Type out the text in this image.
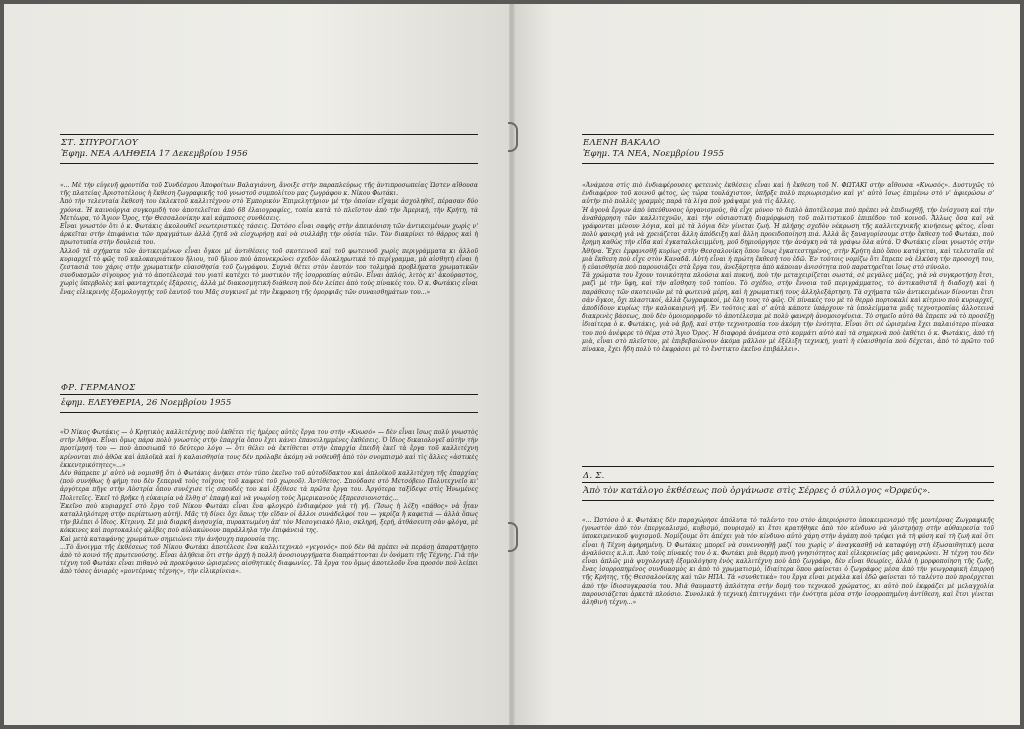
ΣΤ. ΣΠΥΡΟΓΛΟΥ
Ἐφημ. ΝΕΑ ΑΛΗΘΕΙΑ 17 Δεκεμβρίου 1956

«... Μὲ τὴν εὐγενῆ φροντίδα τοῦ Συνδέσμου Ἀποφοίτων Βαλαγιάννη, ἄνοιξε στὴν παραπλεύρως τῆς ἀντιπροσωπείας Ὡστεν αἴθουσα τῆς πλατείας Ἀριστοτέλους ἡ ἔκθεση ζωγραφικῆς τοῦ γνωστοῦ συμπολίτου μας ζωγράφου κ. Νίκου Φωτάκι.

Ἀπὸ τὴν τελευταία ἔκθεσή του ἐκλεκτοῦ καλλιτέχνου στὸ Ἐμπορικὸν Ἐπιμελητήριον μὲ τὴν ὁποίαν εἴχαμε ἀσχοληθεῖ, πέρασαν δύο χρόνια. Ἡ καινούργια συγκομιδὴ τον ἀποτελεῖται ἀπὸ 68 ἐλαιογραφίες, τοπία κατὰ τὸ πλεῖστον ἀπὸ τὴν Ἀμερική, τὴν Κρήτη, τὰ Μετέωρα, τὸ Ἅγιον Ὄρος, τὴν Θεσσαλονίκην καὶ κάμποσες συνθέσεις.

Εἶναι γνωστὸν ὅτι ὁ κ. Φωτάκις ἀκολουθεῖ νεωτεριστικὲς τάσεις. Ὡστόσο εἶναι σαφὴς στὴν ἀπεικόνιση τῶν ἀντικειμένων χωρὶς ν' ἀρκεῖται στὴν ἐπιφάνεια τῶν πραγμάτων ἀλλὰ ζητᾶ νὰ εἰσχωρήσῃ καὶ νὰ συλλάβῃ τὴν οὐσία τῶν. Τὸν διακρίνει τὸ θάρρος καὶ ἡ πρωτοτυπία στὴν δουλειά του.

Ἀλλοῦ τὰ σχήματα τῶν ἀντικειμένων εἶναι ὄγκοι μὲ ἀντιθέσεις τοῦ σκοτεινοῦ καὶ τοῦ φωτεινοῦ χωρὶς περιγράμματα κι ἀλλοῦ κυριαρχεῖ τὸ φῶς τοῦ καλοκαιριάτικου ἥλιου, τοῦ ἥλιου ποὺ ἀπονεκρώνει σχεδὸν ὁλοκληρωτικά τὸ περίγραμμα, μὰ αἰσθητὴ εἶναι ἡ ζεστασιὰ του χάρις στὴν χρωματικὴν εὐαισθησία τοῦ ζωγράφου. Συχνὰ θέτει στὸν ἑαυτόν του τολμηρὰ προβλήματα χρωματικῶν συνδυασμῶν σίγουρος γιὰ τὸ ἀποτέλεσμά του γιατὶ κατέχει τὸ μυστικὸν τῆς ἰσορροπίας αὐτῶν. Εἶναι ἁπλός, λιτὸς κι' ἀκούραστος, χωρὶς ὑπερβολὲς καὶ φανταχτερὲς ἐξάρσεις, ἀλλὰ μὲ διακοσμητικὴ διάθεση ποὺ δὲν λείπει ἀπὸ τοὺς πίνακές του. Ὁ κ. Φωτάκις εἶναι ἕνας εἰλικρινὴς ἐξομολογητὴς τοῦ ἑαυτοῦ του Μᾶς συγκινεῖ μὲ τὴν ἔκφραση τῆς ὁμορφιᾶς τῶν συναισθημάτων του...»

ΦΡ. ΓΕΡΜΑΝΟΣ
ἐφημ. ΕΛΕΥΘΕΡΙΑ, 26 Νοεμβρίου 1955

«Ὁ Νίκος Φωτάκις — ὁ Κρητικὸς καλλιτέχνης ποὺ ἐκθέτει τὶς ἡμέρες αὐτὲς ἔργα του στὴν «Κνωσό» — δὲν εἶναι ἴσως πολὺ γνωστὸς στὴν Ἀθήνα. Εἶναι ὅμως πάρα πολὺ γνωστὸς στὴν ἐπαρχία ὅπου ἔχει κάνει ἐπανειλημμένες ἐκθέσεις. Ὁ ἴδιος δικαιολογεῖ αὐτὴν τὴν προτίμησή του — ποὺ ἀποσιωπᾶ τὸ δεύτερο λόγο — ὅτι θέλει νὰ ἐκτίθεται στὴν ἐπαρχία ἐπειδὴ ἐκεῖ τὰ ἔργα τοῦ καλλιτέχνη κρίνονται πιὸ ἀθῶα καὶ ἁπλοϊκὰ καὶ ἡ καλαισθησία τους δὲν πρόλαβε ἀκόμη νὰ νοθευθῇ ἀπὸ τὸν σνομπισμὸ καὶ τὶς ἄλλες «ἀστικὲς ἐκκεντρικότητες»...»

Δὲν θάπρεπε μ' αὐτὸ νὰ νομισθῇ ὅτι ὁ Φωτάκις ἀνήκει στὸν τύπο ἐκεῖνο τοῦ αὐτοδίδακτου καὶ ἁπλοϊκοῦ καλλιτέχνη τῆς ἐπαρχίας (ποὺ συνήθως ἡ φήμη του δὲν ξεπερνᾶ τοὺς τοίχους τοῦ καφενὲ τοῦ χωριοῦ). Ἀντίθετος. Σπούδασε στὸ Μετσόβειο Πολυτεχνεῖο κι' ἀργότερα πῆγε στὴν Αὐστρία ὅπου συνέχισε τὶς σπουδές του καὶ ἐξέθεσε τὰ πρῶτα ἔργα του. Ἀργότερα ταξίδεψε στὶς Ἡνωμένες Πολιτεῖες. Ἐκεῖ τὸ βρῆκε ἡ εὐκαιρία νὰ ἔλθῃ σ' ἐπαφὴ καὶ νὰ γνωρίσῃ τοὺς Ἀμερικανοὺς ἐξπρεσσιονιστάς...

Ἐκεῖνο ποὺ κυριαρχεῖ στὸ ἔργο τοῦ Νίκου Φωτάκι εἶναι ἕνα φλογερὸ ἐνδιαφέρον γιὰ τὴ γῆ. (Ἴσως ἡ λέξη «πάθος» νὰ ἦταν καταλληλότερη στὴν περίπτωση αὐτή). Μᾶς τὴ δίνει ὄχι ὅπως τὴν εἴδαν οἱ ἄλλοι συνάδελφοί του — γκρίζα ἢ καφετιά — ἀλλὰ ὅπως τὴν βλέπει ὁ ἴδιος. Κίτρινη. Σὲ μιὰ διαρκῆ ἀνησυχία, πυρακτωμένη ἀπ' τὸν Μεσογειακὸ ἥλιο, σκληρή, ξερή, ἀτθάσευτη σὰν φλόγα, μὲ κόκκινες καὶ πορτοκαλιὲς φλέβες ποὺ αὐλακώνουν παράλληλα τὴν ἐπιφάνειά της.

Καὶ μετὰ καταφάνης χρωμάτων σημειώνει τὴν ἀνήσυχη παρουσία της.

...Τὸ ἄνοιγμα τῆς ἐκθέσεως τοῦ Νίκου Φωτάκι ἀποτέλεσε ἕνα καλλιτεχνικὸ «γεγονὸς» ποὺ δὲν θὰ πρέπει νὰ περάσῃ ἀπαρατήρητο ἀπὸ τὸ κοινό τῆς πρωτευούσης. Εἶναι ἀλήθεια ὅτι στὴν ἀρχὴ ἡ πολλὴ ἀνοσιουργήματα διαπράττονται ἐν ὀνόματι τῆς Τέχνης. Γιὰ τὴν τέχνη τοῦ Φωτάκι εἶναι πιθανὸ νὰ προκύψουν ὡρισμένες αἰσθητικὲς διαφωνίες. Τὰ ἔργα του ὅμως ἀποτελοῦν ἕνα προσὸν ποὺ λείπει ἀπὸ τόσες ἀνιαρὲς «μοντέρνας τέχνης», τὴν εἰλικρίνεια».

ΕΛΕΝΗ ΒΑΚΑΛΟ
Ἐφημ. ΤΑ ΝΕΑ, Νοεμβρίου 1955

«Ἀνάμεσα στὶς πιὸ ἐνδιαφέρουσες φετεινὲς ἐκθέσεις εἶναι καὶ ἡ ἔκθεση τοῦ Ν. ΦΩΤΑΚΙ στὴν αἴθουσα «Κνωσός». Δυστυχῶς τὸ ἐνδιαφέρον τοῦ κοινοῦ φέτος, ὡς τώρα τουλάχιστον, ὑπῆρξε πολὺ περιωρισμένο καὶ γι' αὐτὸ ἴσως ἐπιμένω στὸ ν' ἀφιερώσω σ' αὐτὴν πιὸ πολλὲς γραμμὲς παρὰ τὰ λίγα ποὺ γράψαμε γιὰ τὶς ἄλλες.

Ἡ ἀγονὰ ἔργων ἀπὸ ὑπεύθυνους ὀργανισμούς, θὰ εἶχε μόνον τὸ διπλὸ ἀποτέλεσμα ποὺ πρέπει νὰ ἐπιδιωχθῇ, τὴν ἐνίσχυση καὶ τὴν ἀναθάρρηση τῶν καλλιτεχνῶν, καὶ τὴν οὐσιαστικὴ διαμόρφωση τοῦ πολιτιστικοῦ ἐπιπέδου τοῦ κοινοῦ. Ἄλλως ὅσα καὶ νὰ γράφονται μένουν λόγια, καὶ μὲ τὰ λόγια δὲν γίνεται ζωή. Ἡ πλήρης σχεδὸν νέκρωση τῆς καλλιτεχνικῆς κινήσεως φέτος, εἶναι πολὺ φανερὴ γιὰ νὰ χρειάζεται ἄλλη ἀπόδειξη καὶ ἄλλη προειδοποίηση πιά. Ἀλλὰ ἂς ξαναγυρίσουμε στὴν ἔκθεση τοῦ Φωτάκι, ποὺ ἔρημη καθὼς τὴν εἴδα καὶ ἐγκαταλελειμμένη, μοῦ δημιούργησε τὴν ἀνάγκη νὰ τὰ γράψω ὅλα αὐτά. Ὁ Φωτάκις εἶναι γνωστὸς στὴν Ἀθήνα. Ἔχει ἐμφανισθῇ κυρίως στὴν Θεσσαλονίκη ὅπου ἴσως ἐγκατεστημένος, στὴν Κρήτη ἀπὸ ὅπου κατάγεται, καὶ τελευταῖα σὲ μιὰ ἔκθεση ποὺ εἶχε στὸν Καναδᾶ. Αὐτὴ εἶναι ἡ πρώτη ἔκθεσή του ἐδῶ. Ἐν τούτοις νομίζω ὅτι ἔπρεπε νὰ ἑλκύση τὴν προσοχή του, ἡ εὐαισθησία ποὺ παρουσιάζει στὰ ἔργα του, ἀνεξάρτητα ἀπὸ κάποιαν ἀνισότητα ποὺ παρατηρεῖται ἴσως στὸ σύνολο.

Τὰ χρώματα του ἔχουν τονικότητα πλούσια καὶ πυκνή, ποὺ τὴν μεταχειρίζεται σωστά, σὲ μεγάλες μάζες, γιὰ νὰ συγκροτήσῃ ἔτσι, μαζὶ μὲ τὴν ὕφη, καὶ τὴν αἴσθηση τοῦ τοπίου. Τὸ σχέδιο, στὴν ἔννοια τοῦ περιγράμματος, τὸ ἀντικαθιστᾶ ἡ διαδοχὴ καὶ ἡ παράθεσις τῶν σκοτεινῶν μὲ τὰ φωτεινὰ μέρη, καὶ ἡ χρωματική τους ἀλληλεξάρτηση. Τὰ σχήματα τῶν ἀντικειμένων δίνονται ἔτσι σὰν ὄγκοι, ὄχι πλαστικοί, ἀλλὰ ζωγραφικοί, μὲ ὅλη τους τὸ φῶς. Οἱ πίνακές του μὲ τὸ θερμὸ πορτοκαλί καὶ κίτρινο ποὺ κυριαρχεῖ, ἀποδίδουν κυρίως τὴν καλοκαιρινὴ γῆ. Ἐν τούτοις καὶ σ' αὐτὰ κάποτε ὑπάρχουν τὰ ὑπολείμματα μιᾶς τεχνοτροπίας ἀλλοτεινά διακρινὲς βάσεως, ποὺ δὲν ὁμοιομορφοῦν τὸ ἀποτέλεσμα μὲ πολὺ φανερὴ ἀνομοιογένεια. Τὸ σημεῖο αὐτὸ θὰ ἔπρεπε νὰ τὸ προσέξῃ ἰδιαίτερα ὁ κ. Φωτάκις, γιὰ νὰ βρῇ, καὶ στὴν τεχνοτροπία του ἀκόμη τὴν ἑνότητα. Εἶναι ὅτι σὲ ὡρισμένα ἔχει παλαιότερο πίνακα του ποὺ ἀνέφερε τὸ θέμα στὸ Ἅγιο Ὄρος. Ἡ διαφορὰ ἀνάμεσα στὸ κομμάτι αὐτὸ καὶ τὰ σημερινὰ ποὺ ἐκθέτει ὁ κ. Φωτάκις, ἀπὸ τὴ μιὰ, εἶναι στὸ πλεῖστον, μὲ ἐπιβεβαιώνουν ἀκόμα μᾶλλον μὲ ἐξέλιξη τεχνική, γιατὶ ἡ εὐαισθησία ποὺ δέχεται, ἀπὸ τὸ πρῶτο τοῦ πίνακα, ἔχει ἤδη πολὺ τὸ ἐκφράσει μὲ τὸ ἔνστικτο ἐκεῖνο ἐπιβάλλει».

Δ. Σ.
Ἀπὸ τὸν κατάλογο ἐκθέσεως ποὺ ὀργάνωσε στὶς Σέρρες ὁ σύλλογος «Ὀρφεύς».

«... Ὡστόσο ὁ κ. Φωτάκις δὲν παραχώρησε ἀπόλυτα τὸ ταλέντο του στὸν ἀπεριόριστο ὑποκειμενισμὸ τῆς μοντέρνας Ζωγραφικῆς (γνωστὸν ἀπὸ τὸν ἐπεργεαλισμό, κυβισμό, πουρισμό) κι ἔτσι κρατήθηκε ἀπὸ τὸν κίνδυνο νὰ γλιστρήσῃ στὴν αὐθαιρεσία τοῦ ὑποκειμενικοῦ ψυχισμοῦ. Νομίζουμε ὅτι ἀπέχει γιὰ τὸν κίνδυνο αὐτὸ χάρη στὴν ἀγάπη ποὺ τρέφει γιὰ τὴ φύση καὶ τὴ ζωὴ καὶ ὅτι εἶναι ἡ Τέχνη ἀφηρημένη. Ὁ Φωτάκις μπορεῖ νὰ συνεννοηθῇ μαζί του χωρὶς ν' ἀναγκασθῇ νὰ καταφύγῃ στὴ ἐξωσαιθητικὴ μεσα ἀναλύσεις κ.λ.π. Ἀπὸ τοὺς πίνακές του ὁ κ. Φωτάκι μιὰ θερμὴ πνοὴ γνησιότητος καὶ εἰλικρινείας μᾶς φανερώνει. Ἡ τέχνη του δὲν εἶναι ἀπλῶς μιὰ ψυχολογικὴ ἐξομολόγηση ἑνὸς καλλιτέχνη ποὺ ἀπὸ ζωγράφο, δὲν εἶναι θεωρίες, ἀλλὰ ἡ μορφοποίηση τῆς ζωῆς, ἕνας ἰσορροπημένος συνδυασμὸς κι ἀπὸ τὸ χρωματισμὸ, ἰδιαίτερα ὅπου φαίνεται ὁ ζωγράφος μέσα ἀπὸ τὴν γεωγραφικὴ ἐπιρροὴ τῆς Κρήτης, τῆς Θεσσαλονίκης καὶ τῶν ΗΠΑ. Τὰ «συνθετικὰ» του ἔργα εἶναι μεγάλα καὶ ἐδῶ φαίνεται τὸ ταλέντο ποὺ προέρχεται ἀπὸ τὴν ἰδιοσυγκρασία του. Μιὰ θαυμαστὴ ἁπλότητα στὴν δομή του τεχνικοῦ χρώματος, κι αὐτὸ ποὺ ἐκφράζει μὲ μελαγχολία παρουσιάζεται ἀρκετὰ πλούσιο. Συνολικὰ ἡ τεχνικὴ ἐπιτυγχάνει τὴν ἑνότητα μέσα στὴν ἰσορροπημένη ἀντίθεση, καὶ ἔτσι γίνεται ἀληθινὴ τέχνη...»
